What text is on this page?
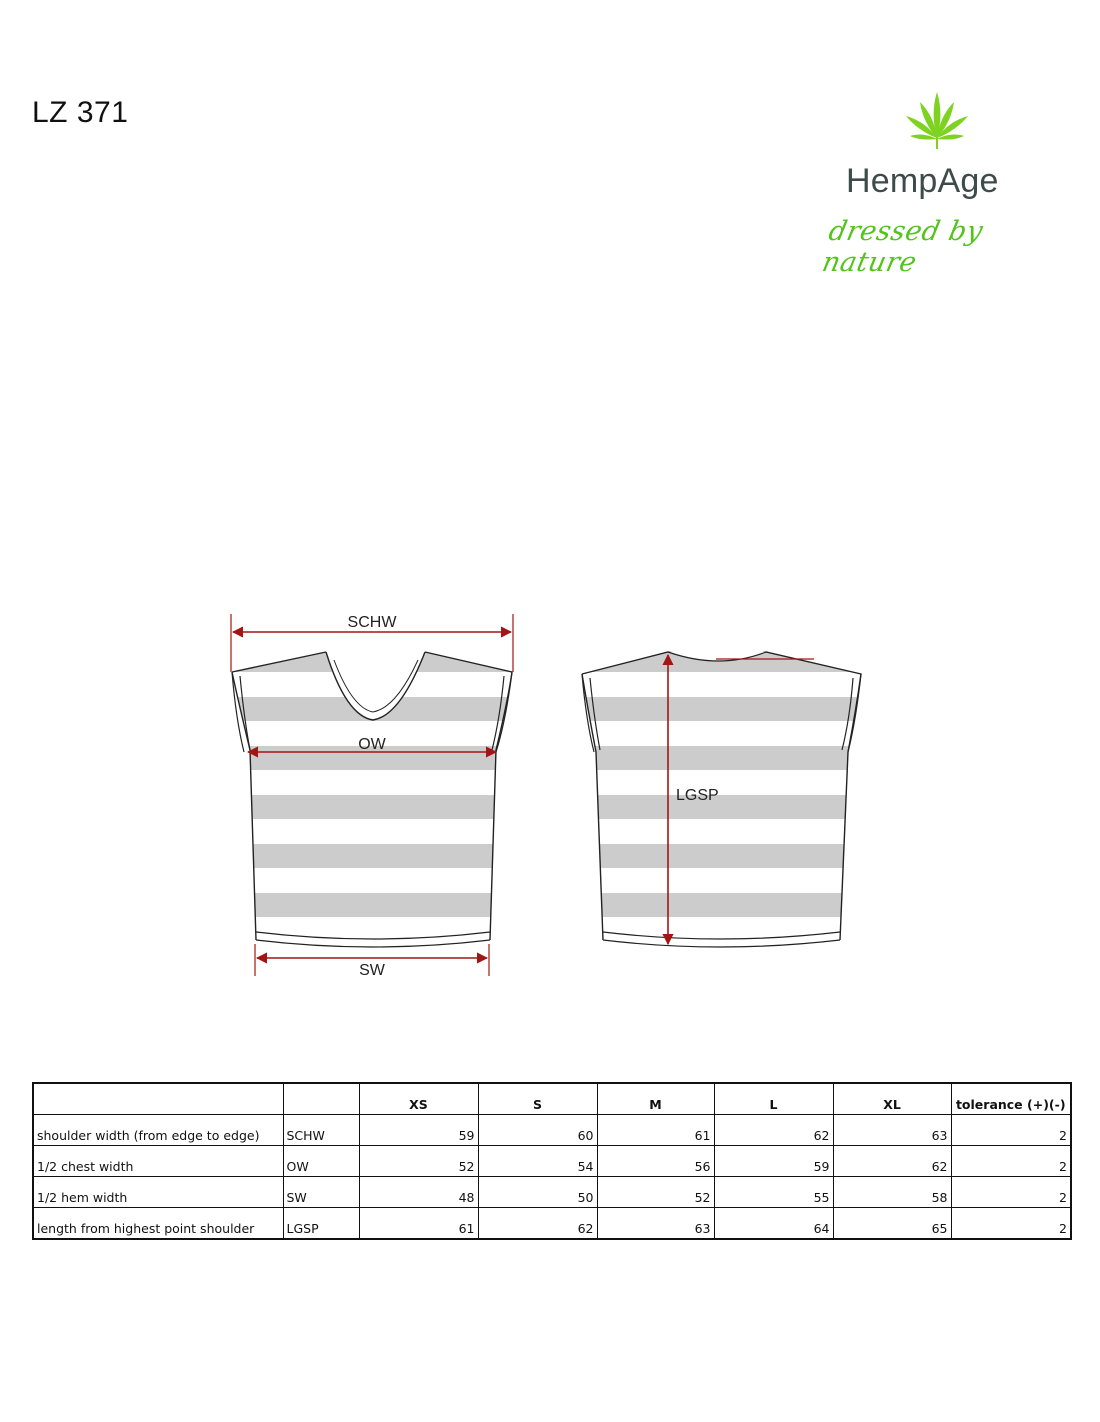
LZ 371
HempAge
dressed by nature
SCHW
OW
SW
LGSP
		XS	S	M	L	XL	tolerance (+)(-)
shoulder width (from edge to edge)	SCHW	59	60	61	62	63	2
1/2 chest width	OW	52	54	56	59	62	2
1/2 hem width	SW	48	50	52	55	58	2
length from highest point shoulder	LGSP	61	62	63	64	65	2
